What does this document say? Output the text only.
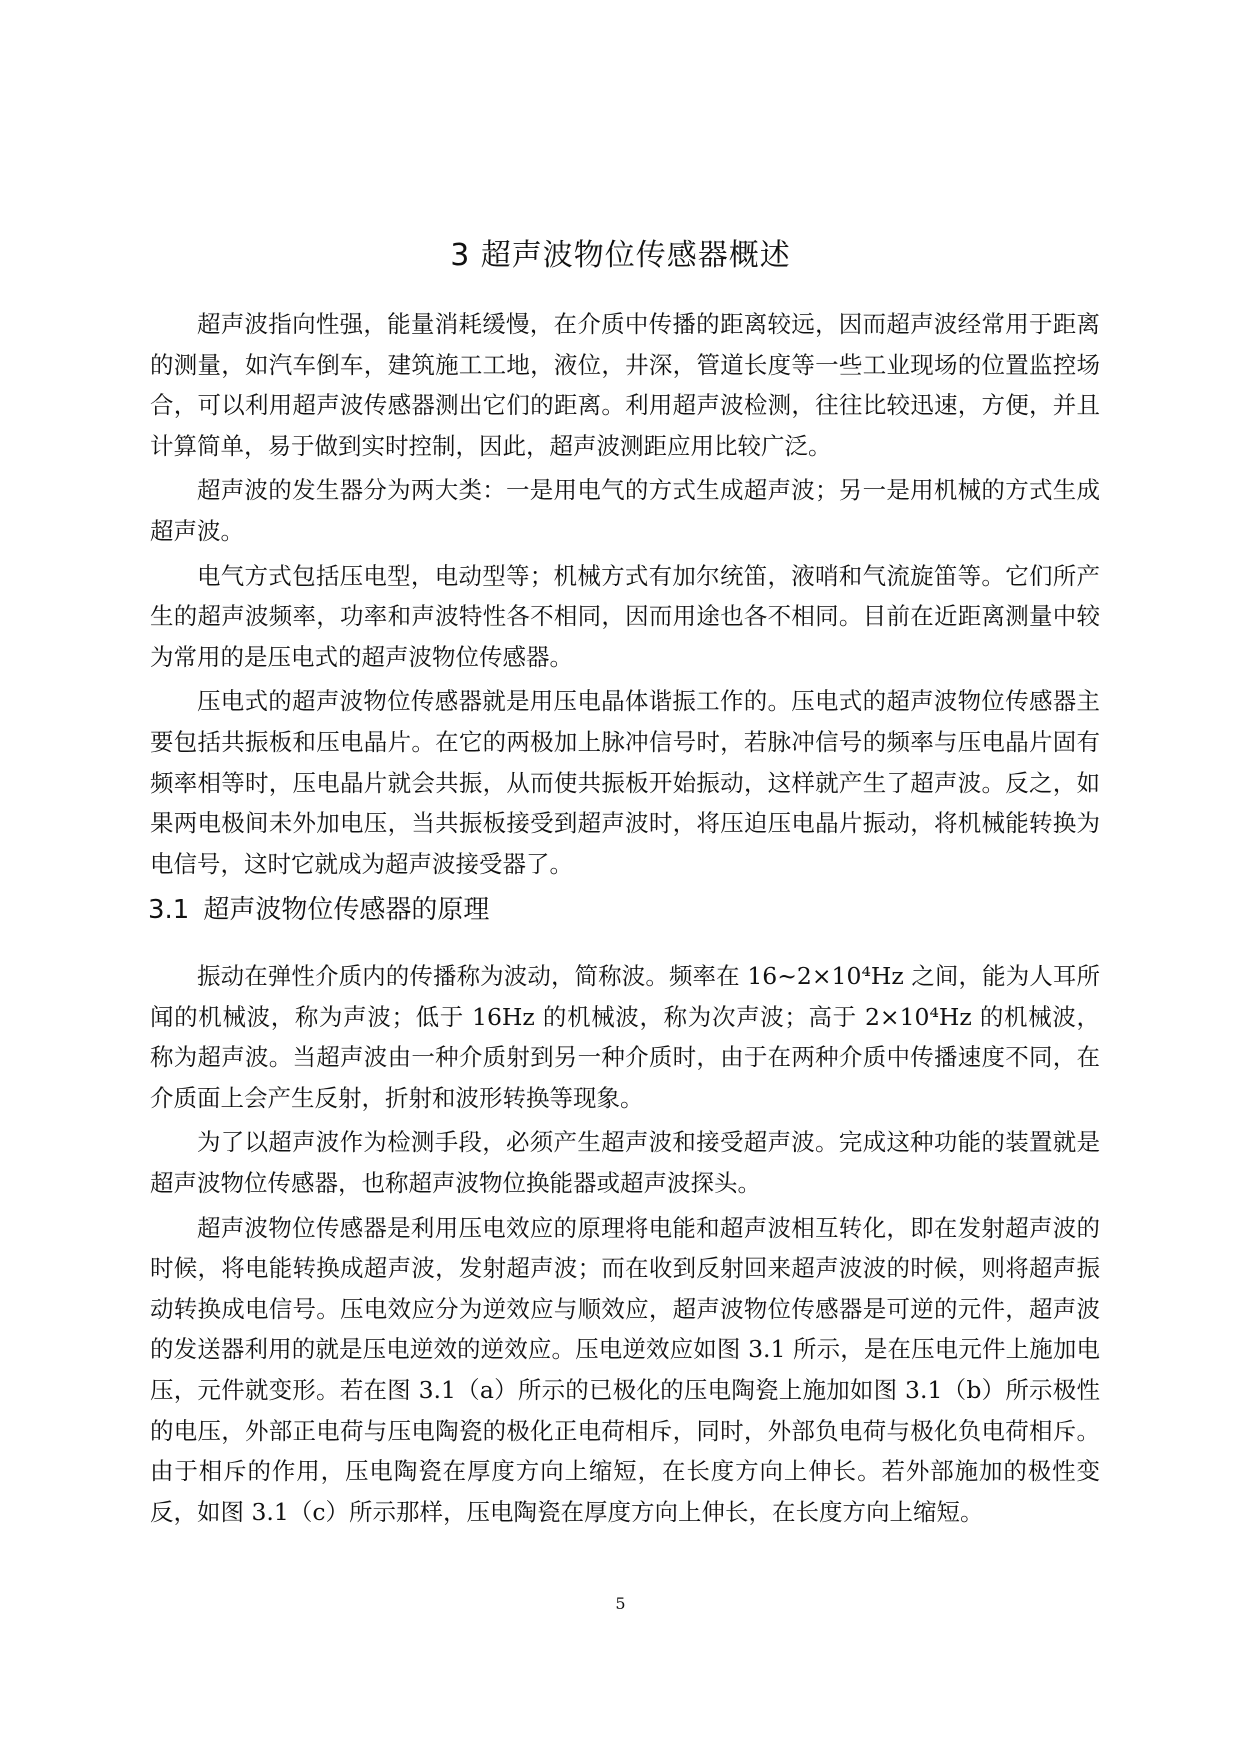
3 超声波物位传感器概述

超声波指向性强，能量消耗缓慢，在介质中传播的距离较远，因而超声波经常用于距离的测量，如汽车倒车，建筑施工工地，液位，井深，管道长度等一些工业现场的位置监控场合，可以利用超声波传感器测出它们的距离。利用超声波检测，往往比较迅速，方便，并且计算简单，易于做到实时控制，因此，超声波测距应用比较广泛。

超声波的发生器分为两大类：一是用电气的方式生成超声波；另一是用机械的方式生成超声波。

电气方式包括压电型，电动型等；机械方式有加尔统笛，液哨和气流旋笛等。它们所产生的超声波频率，功率和声波特性各不相同，因而用途也各不相同。目前在近距离测量中较为常用的是压电式的超声波物位传感器。

压电式的超声波物位传感器就是用压电晶体谐振工作的。压电式的超声波物位传感器主要包括共振板和压电晶片。在它的两极加上脉冲信号时，若脉冲信号的频率与压电晶片固有频率相等时，压电晶片就会共振，从而使共振板开始振动，这样就产生了超声波。反之，如果两电极间未外加电压，当共振板接受到超声波时，将压迫压电晶片振动，将机械能转换为电信号，这时它就成为超声波接受器了。

3.1 超声波物位传感器的原理

振动在弹性介质内的传播称为波动，简称波。频率在 16~2×10⁴Hz 之间，能为人耳所闻的机械波，称为声波；低于 16Hz 的机械波，称为次声波；高于 2×10⁴Hz 的机械波，称为超声波。当超声波由一种介质射到另一种介质时，由于在两种介质中传播速度不同，在介质面上会产生反射，折射和波形转换等现象。

为了以超声波作为检测手段，必须产生超声波和接受超声波。完成这种功能的装置就是超声波物位传感器，也称超声波物位换能器或超声波探头。

超声波物位传感器是利用压电效应的原理将电能和超声波相互转化，即在发射超声波的时候，将电能转换成超声波，发射超声波；而在收到反射回来超声波波的时候，则将超声振动转换成电信号。压电效应分为逆效应与顺效应，超声波物位传感器是可逆的元件，超声波的发送器利用的就是压电逆效的逆效应。压电逆效应如图 3.1 所示，是在压电元件上施加电压，元件就变形。若在图 3.1（a）所示的已极化的压电陶瓷上施加如图 3.1（b）所示极性的电压，外部正电荷与压电陶瓷的极化正电荷相斥，同时，外部负电荷与极化负电荷相斥。由于相斥的作用，压电陶瓷在厚度方向上缩短，在长度方向上伸长。若外部施加的极性变反，如图 3.1（c）所示那样，压电陶瓷在厚度方向上伸长，在长度方向上缩短。

5
